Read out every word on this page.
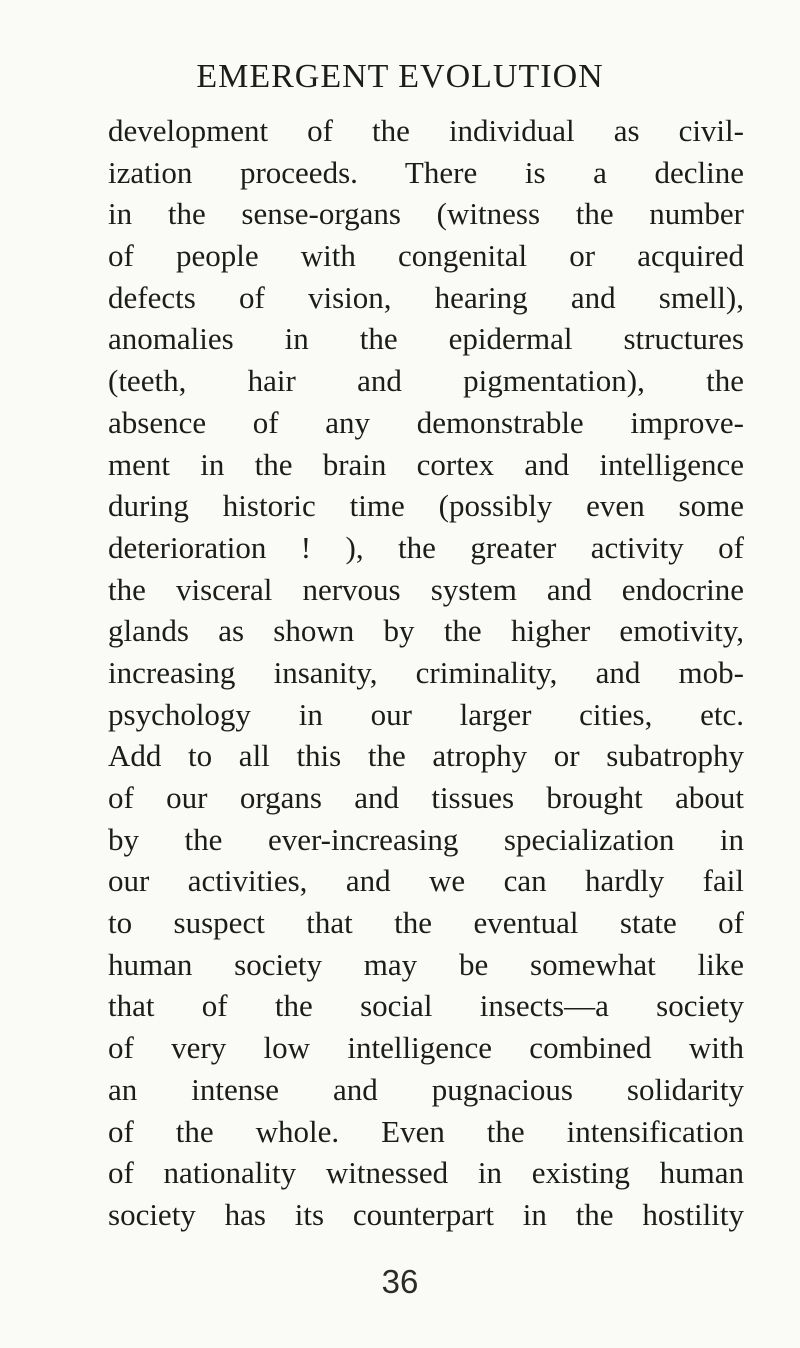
EMERGENT EVOLUTION
development of the individual as civil-
ization proceeds. There is a decline
in the sense-organs (witness the number
of people with congenital or acquired
defects of vision, hearing and smell),
anomalies in the epidermal structures
(teeth, hair and pigmentation), the
absence of any demonstrable improve-
ment in the brain cortex and intelligence
during historic time (possibly even some
deterioration ! ), the greater activity of
the visceral nervous system and endocrine
glands as shown by the higher emotivity,
increasing insanity, criminality, and mob-
psychology in our larger cities, etc.
Add to all this the atrophy or subatrophy
of our organs and tissues brought about
by the ever-increasing specialization in
our activities, and we can hardly fail
to suspect that the eventual state of
human society may be somewhat like
that of the social insects—a society
of very low intelligence combined with
an intense and pugnacious solidarity
of the whole. Even the intensification
of nationality witnessed in existing human
society has its counterpart in the hostility
36
